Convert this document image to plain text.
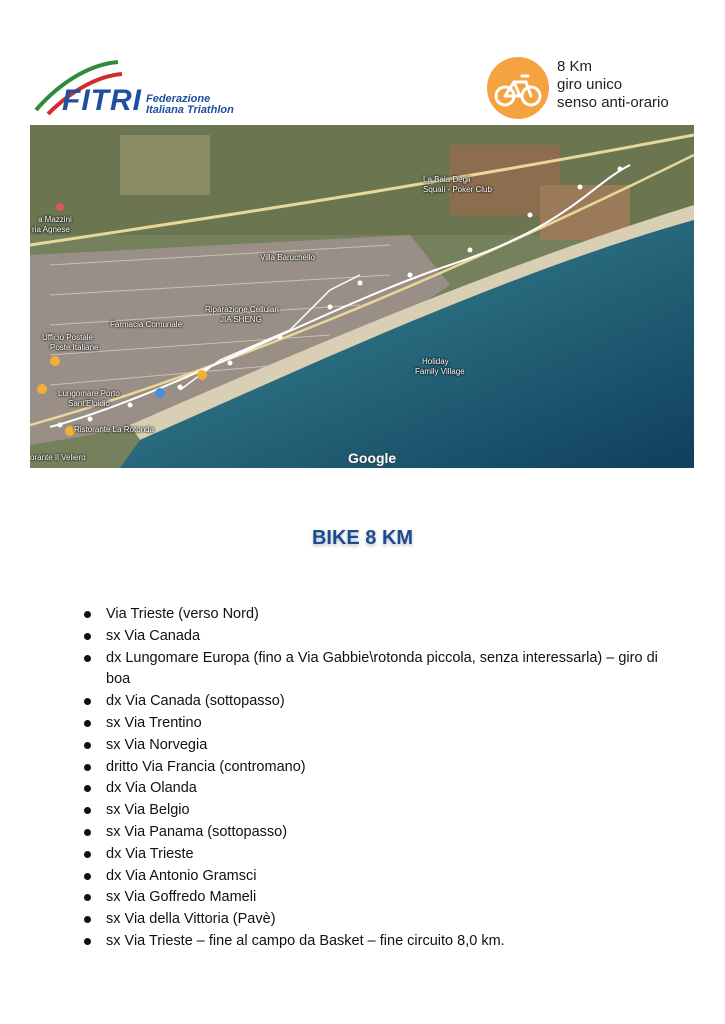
FITRI Federazione
Italiana Triathlon
8 Km
giro unico
senso anti-orario
Villa Baruchello
La Baia Degli
Squali - Poker Club
a Mazzini
ria Agnese
Riparazione Cellulari
JIA SHENG
Farmacia Comunale
Ufficio Postale
Poste Italiane
Holiday
Family Village
Lungomare Porto
Sant'Elpidio
Ristorante La Rotonda
orante Il Veliero	Google
BIKE 8 KM
Via Trieste (verso Nord)
sx Via Canada
dx Lungomare Europa (fino a Via Gabbie\rotonda piccola, senza interessarla) – giro di boa
dx Via Canada (sottopasso)
sx Via Trentino
sx Via Norvegia
dritto Via Francia (contromano)
dx Via Olanda
sx Via Belgio
sx Via Panama (sottopasso)
dx Via Trieste
dx Via Antonio Gramsci
sx Via Goffredo Mameli
sx Via della Vittoria (Pavè)
sx Via Trieste – fine al campo da Basket – fine circuito 8,0 km.
